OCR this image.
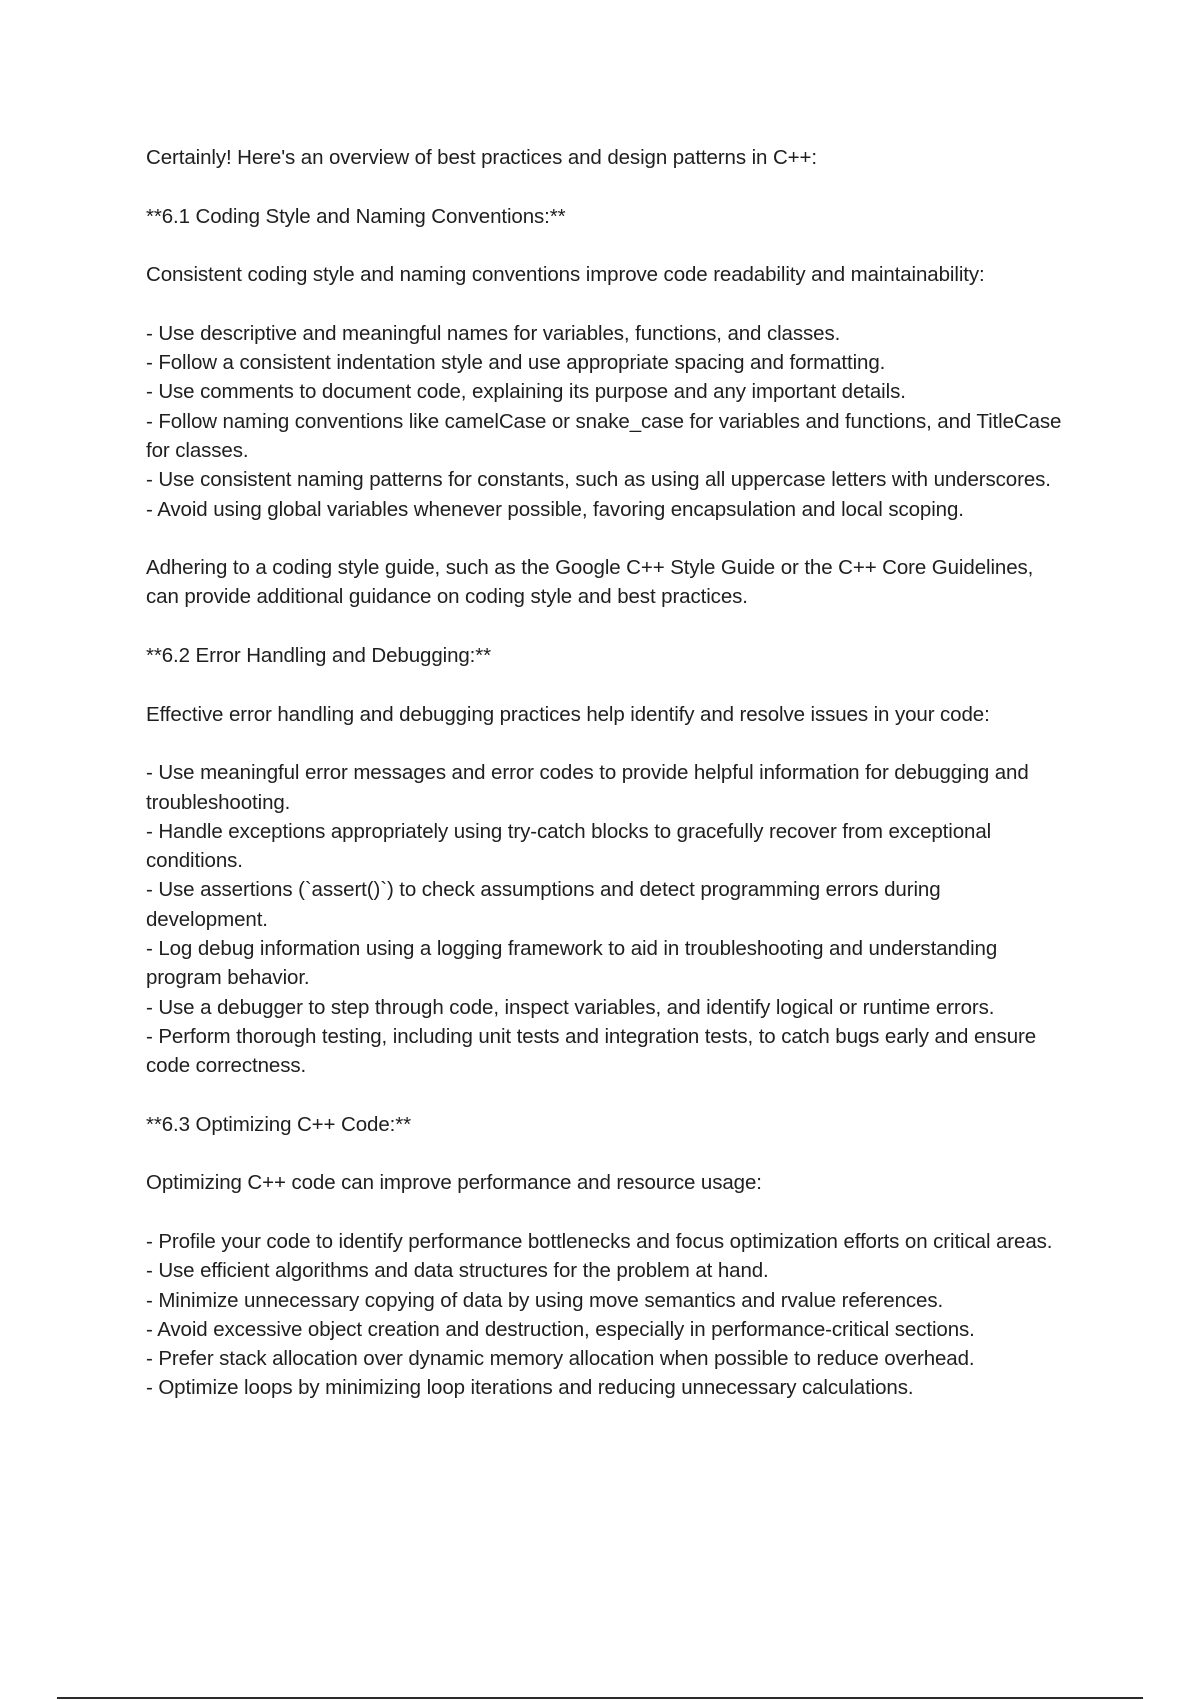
Certainly! Here's an overview of best practices and design patterns in C++:

**6.1 Coding Style and Naming Conventions:**

Consistent coding style and naming conventions improve code readability and maintainability:

- Use descriptive and meaningful names for variables, functions, and classes.

- Follow a consistent indentation style and use appropriate spacing and formatting.

- Use comments to document code, explaining its purpose and any important details.

- Follow naming conventions like camelCase or snake_case for variables and functions, and TitleCase for classes.

- Use consistent naming patterns for constants, such as using all uppercase letters with underscores.

- Avoid using global variables whenever possible, favoring encapsulation and local scoping.

Adhering to a coding style guide, such as the Google C++ Style Guide or the C++ Core Guidelines, can provide additional guidance on coding style and best practices.

**6.2 Error Handling and Debugging:**

Effective error handling and debugging practices help identify and resolve issues in your code:

- Use meaningful error messages and error codes to provide helpful information for debugging and troubleshooting.

- Handle exceptions appropriately using try-catch blocks to gracefully recover from exceptional conditions.

- Use assertions (`assert()`) to check assumptions and detect programming errors during development.

- Log debug information using a logging framework to aid in troubleshooting and understanding program behavior.

- Use a debugger to step through code, inspect variables, and identify logical or runtime errors.

- Perform thorough testing, including unit tests and integration tests, to catch bugs early and ensure code correctness.

**6.3 Optimizing C++ Code:**

Optimizing C++ code can improve performance and resource usage:

- Profile your code to identify performance bottlenecks and focus optimization efforts on critical areas.

- Use efficient algorithms and data structures for the problem at hand.

- Minimize unnecessary copying of data by using move semantics and rvalue references.

- Avoid excessive object creation and destruction, especially in performance-critical sections.

- Prefer stack allocation over dynamic memory allocation when possible to reduce overhead.

- Optimize loops by minimizing loop iterations and reducing unnecessary calculations.
